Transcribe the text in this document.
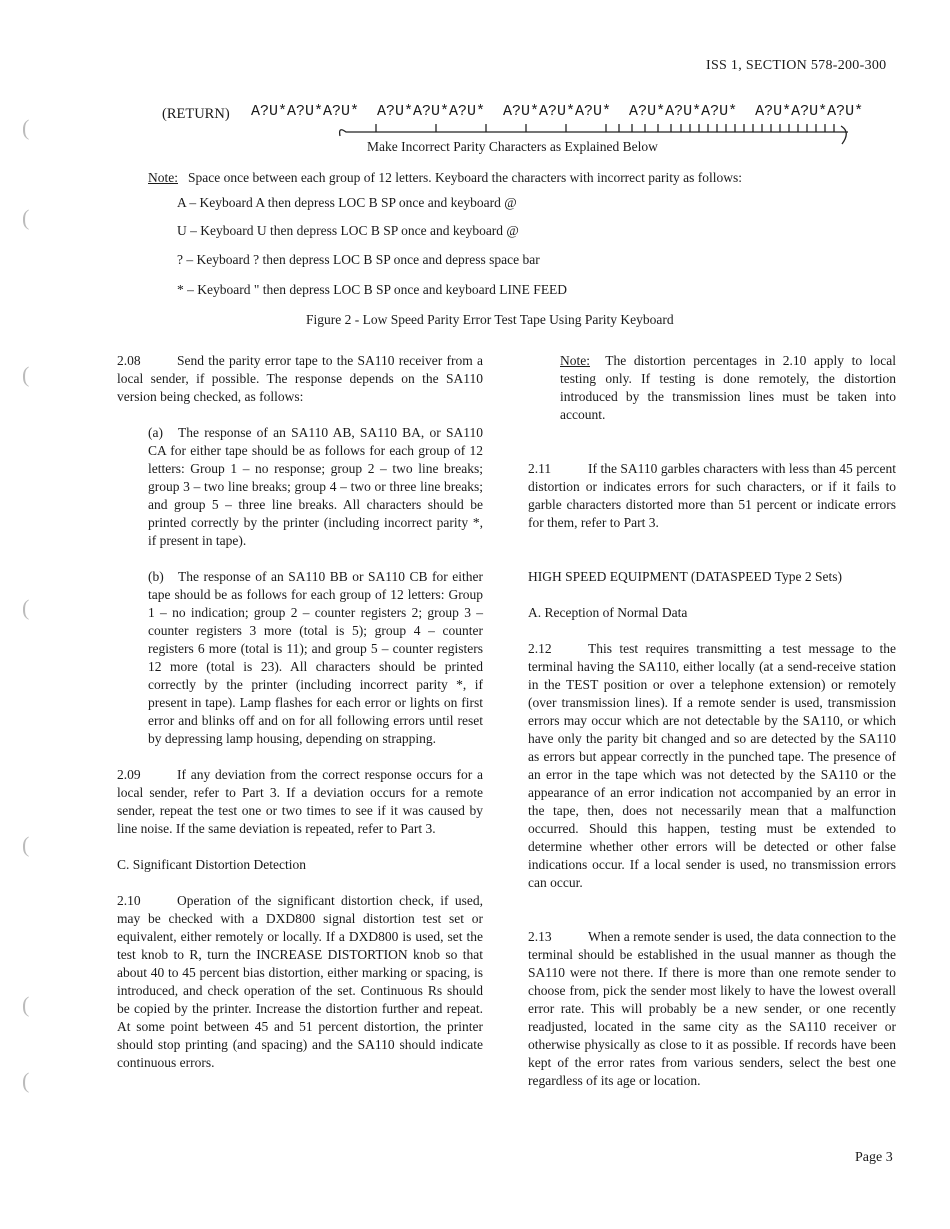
(
(
(
(
(
(
(
ISS 1, SECTION 578-200-300
(RETURN) A?U*A?U*A?U*  A?U*A?U*A?U*  A?U*A?U*A?U*  A?U*A?U*A?U*  A?U*A?U*A?U*
Make Incorrect Parity Characters as Explained Below
Note: Space once between each group of 12 letters. Keyboard the characters with incorrect parity as follows:
A – Keyboard A then depress LOC B SP once and keyboard @
U – Keyboard U then depress LOC B SP once and keyboard @
? – Keyboard ? then depress LOC B SP once and depress space bar
* – Keyboard " then depress LOC B SP once and keyboard LINE FEED
Figure 2 - Low Speed Parity Error Test Tape Using Parity Keyboard

2.08	Send the parity error tape to the SA110 receiver from a local sender, if possible. The response depends on the SA110 version being checked, as follows:

(a) The response of an SA110 AB, SA110 BA, or SA110 CA for either tape should be as follows for each group of 12 letters: Group 1 – no response; group 2 – two line breaks; group 3 – two line breaks; group 4 – two or three line breaks; and group 5 – three line breaks. All characters should be printed correctly by the printer (including incorrect parity *, if present in tape).

(b) The response of an SA110 BB or SA110 CB for either tape should be as follows for each group of 12 letters: Group 1 – no indication; group 2 – counter registers 2; group 3 – counter registers 3 more (total is 5); group 4 – counter registers 6 more (total is 11); and group 5 – counter registers 12 more (total is 23). All characters should be printed correctly by the printer (including incorrect parity *, if present in tape). Lamp flashes for each error or lights on first error and blinks off and on for all following errors until reset by depressing lamp housing, depending on strapping.

2.09	If any deviation from the correct response occurs for a local sender, refer to Part 3. If a deviation occurs for a remote sender, repeat the test one or two times to see if it was caused by line noise. If the same deviation is repeated, refer to Part 3.

C. Significant Distortion Detection

2.10	Operation of the significant distortion check, if used, may be checked with a DXD800 signal distortion test set or equivalent, either remotely or locally. If a DXD800 is used, set the test knob to R, turn the INCREASE DISTORTION knob so that about 40 to 45 percent bias distortion, either marking or spacing, is introduced, and check operation of the set. Continuous Rs should be copied by the printer. Increase the distortion further and repeat. At some point between 45 and 51 percent distortion, the printer should stop printing (and spacing) and the SA110 should indicate continuous errors.

Note: The distortion percentages in 2.10 apply to local testing only. If testing is done remotely, the distortion introduced by the transmission lines must be taken into account.

2.11	If the SA110 garbles characters with less than 45 percent distortion or indicates errors for such characters, or if it fails to garble characters distorted more than 51 percent or indicate errors for them, refer to Part 3.

HIGH SPEED EQUIPMENT (DATASPEED Type 2 Sets)

A. Reception of Normal Data

2.12	This test requires transmitting a test message to the terminal having the SA110, either locally (at a send-receive station in the TEST position or over a telephone extension) or remotely (over transmission lines). If a remote sender is used, transmission errors may occur which are not detectable by the SA110, or which have only the parity bit changed and so are detected by the SA110 as errors but appear correctly in the punched tape. The presence of an error in the tape which was not detected by the SA110 or the appearance of an error indication not accompanied by an error in the tape, then, does not necessarily mean that a malfunction occurred. Should this happen, testing must be extended to determine whether other errors will be detected or other false indications occur. If a local sender is used, no transmission errors can occur.

2.13	When a remote sender is used, the data connection to the terminal should be established in the usual manner as though the SA110 were not there. If there is more than one remote sender to choose from, pick the sender most likely to have the lowest overall error rate. This will probably be a new sender, or one recently readjusted, located in the same city as the SA110 receiver or otherwise physically as close to it as possible. If records have been kept of the error rates from various senders, select the best one regardless of its age or location.

Page 3
